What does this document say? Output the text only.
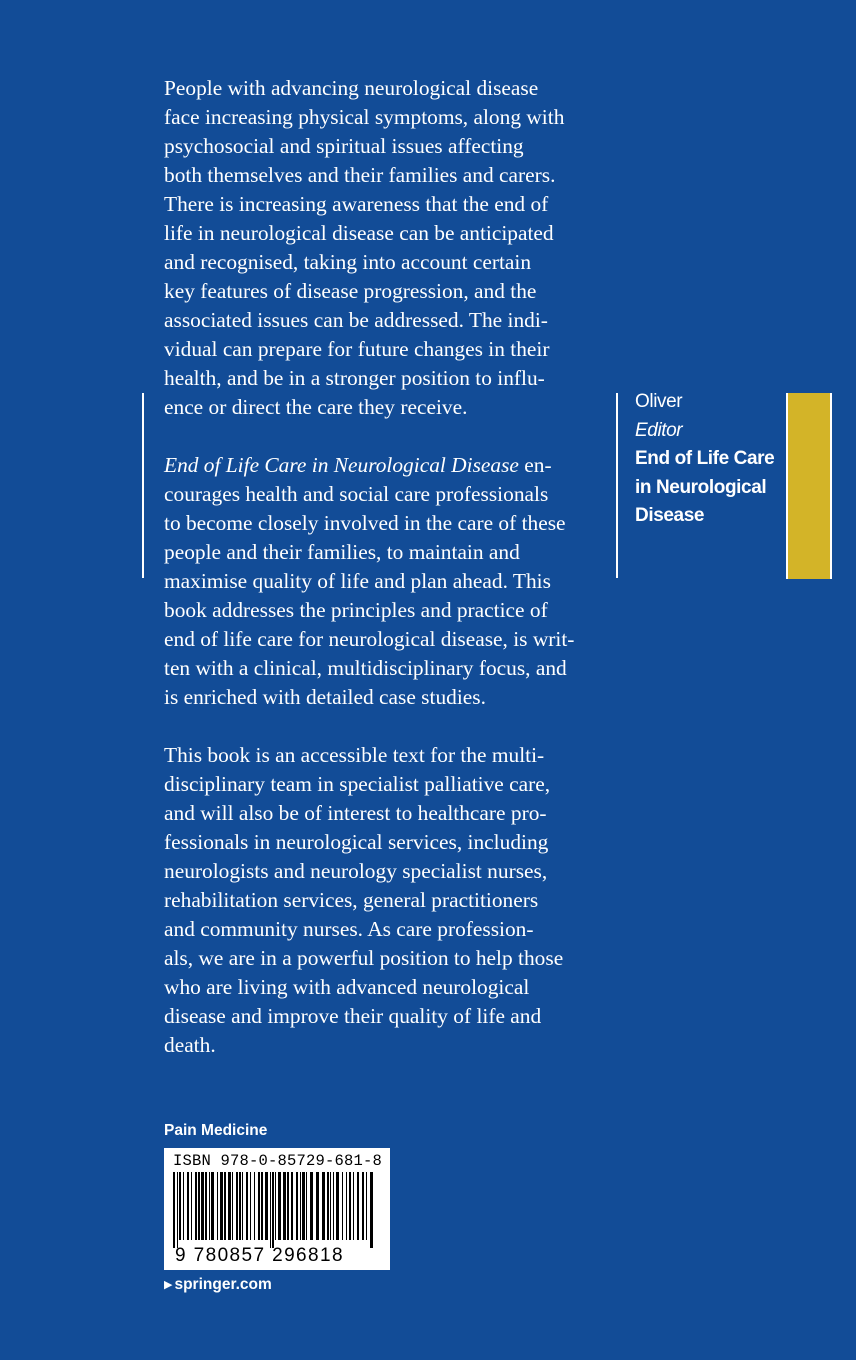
People with advancing neurological disease
face increasing physical symptoms, along with
psychosocial and spiritual issues affecting
both themselves and their families and carers.
There is increasing awareness that the end of
life in neurological disease can be anticipated
and recognised, taking into account certain
key features of disease progression, and the
associated issues can be addressed. The indi-
vidual can prepare for future changes in their
health, and be in a stronger position to influ-
ence or direct the care they receive.

End of Life Care in Neurological Disease en-
courages health and social care professionals
to become closely involved in the care of these
people and their families, to maintain and
maximise quality of life and plan ahead. This
book addresses the principles and practice of
end of life care for neurological disease, is writ-
ten with a clinical, multidisciplinary focus, and
is enriched with detailed case studies.

This book is an accessible text for the multi-
disciplinary team in specialist palliative care,
and will also be of interest to healthcare pro-
fessionals in neurological services, including
neurologists and neurology specialist nurses,
rehabilitation services, general practitioners
and community nurses. As care profession-
als, we are in a powerful position to help those
who are living with advanced neurological
disease and improve their quality of life and
death.

Oliver
Editor
End of Life Care
in Neurological
Disease
Pain Medicine
ISBN 978-0-85729-681-8
9 780857 296818
▶ springer.com
